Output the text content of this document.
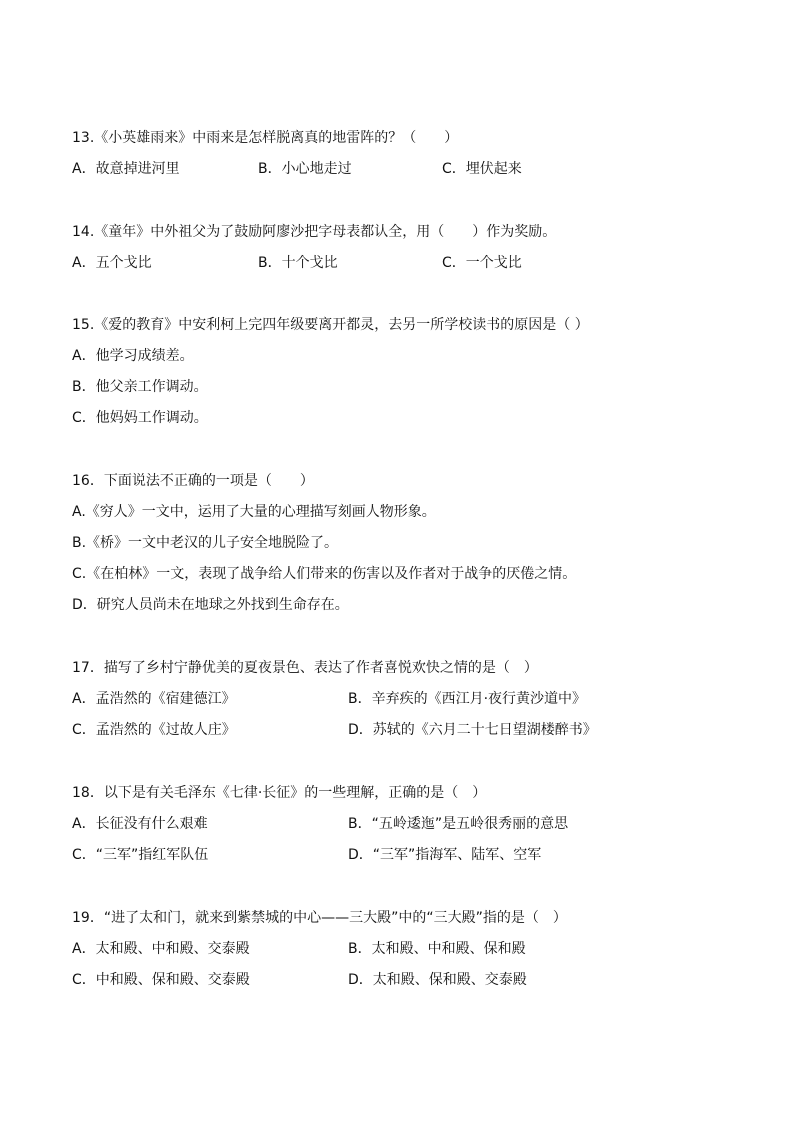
13.《小英雄雨来》中雨来是怎样脱离真的地雷阵的？（　　）
A．故意掉进河里	B．小心地走过	C．埋伏起来
14.《童年》中外祖父为了鼓励阿廖沙把字母表都认全，用（　　）作为奖励。
A．五个戈比	B．十个戈比	C．一个戈比
15.《爱的教育》中安利柯上完四年级要离开都灵，去另一所学校读书的原因是（ ）
A．他学习成绩差。
B．他父亲工作调动。
C．他妈妈工作调动。
16．下面说法不正确的一项是（　　）
A.《穷人》一文中，运用了大量的心理描写刻画人物形象。
B.《桥》一文中老汉的儿子安全地脱险了。
C.《在柏林》一文，表现了战争给人们带来的伤害以及作者对于战争的厌倦之情。
D．研究人员尚未在地球之外找到生命存在。
17．描写了乡村宁静优美的夏夜景色、表达了作者喜悦欢快之情的是（　）
A．孟浩然的《宿建德江》	B．辛弃疾的《西江月·夜行黄沙道中》
C．孟浩然的《过故人庄》	D．苏轼的《六月二十七日望湖楼醉书》
18．以下是有关毛泽东《七律·长征》的一些理解，正确的是（　）
A．长征没有什么艰难	B．“五岭逶迤”是五岭很秀丽的意思
C．“三军”指红军队伍	D．“三军”指海军、陆军、空军
19．“进了太和门，就来到紫禁城的中心——三大殿”中的“三大殿”指的是（　）
A．太和殿、中和殿、交泰殿	B．太和殿、中和殿、保和殿
C．中和殿、保和殿、交泰殿	D．太和殿、保和殿、交泰殿
